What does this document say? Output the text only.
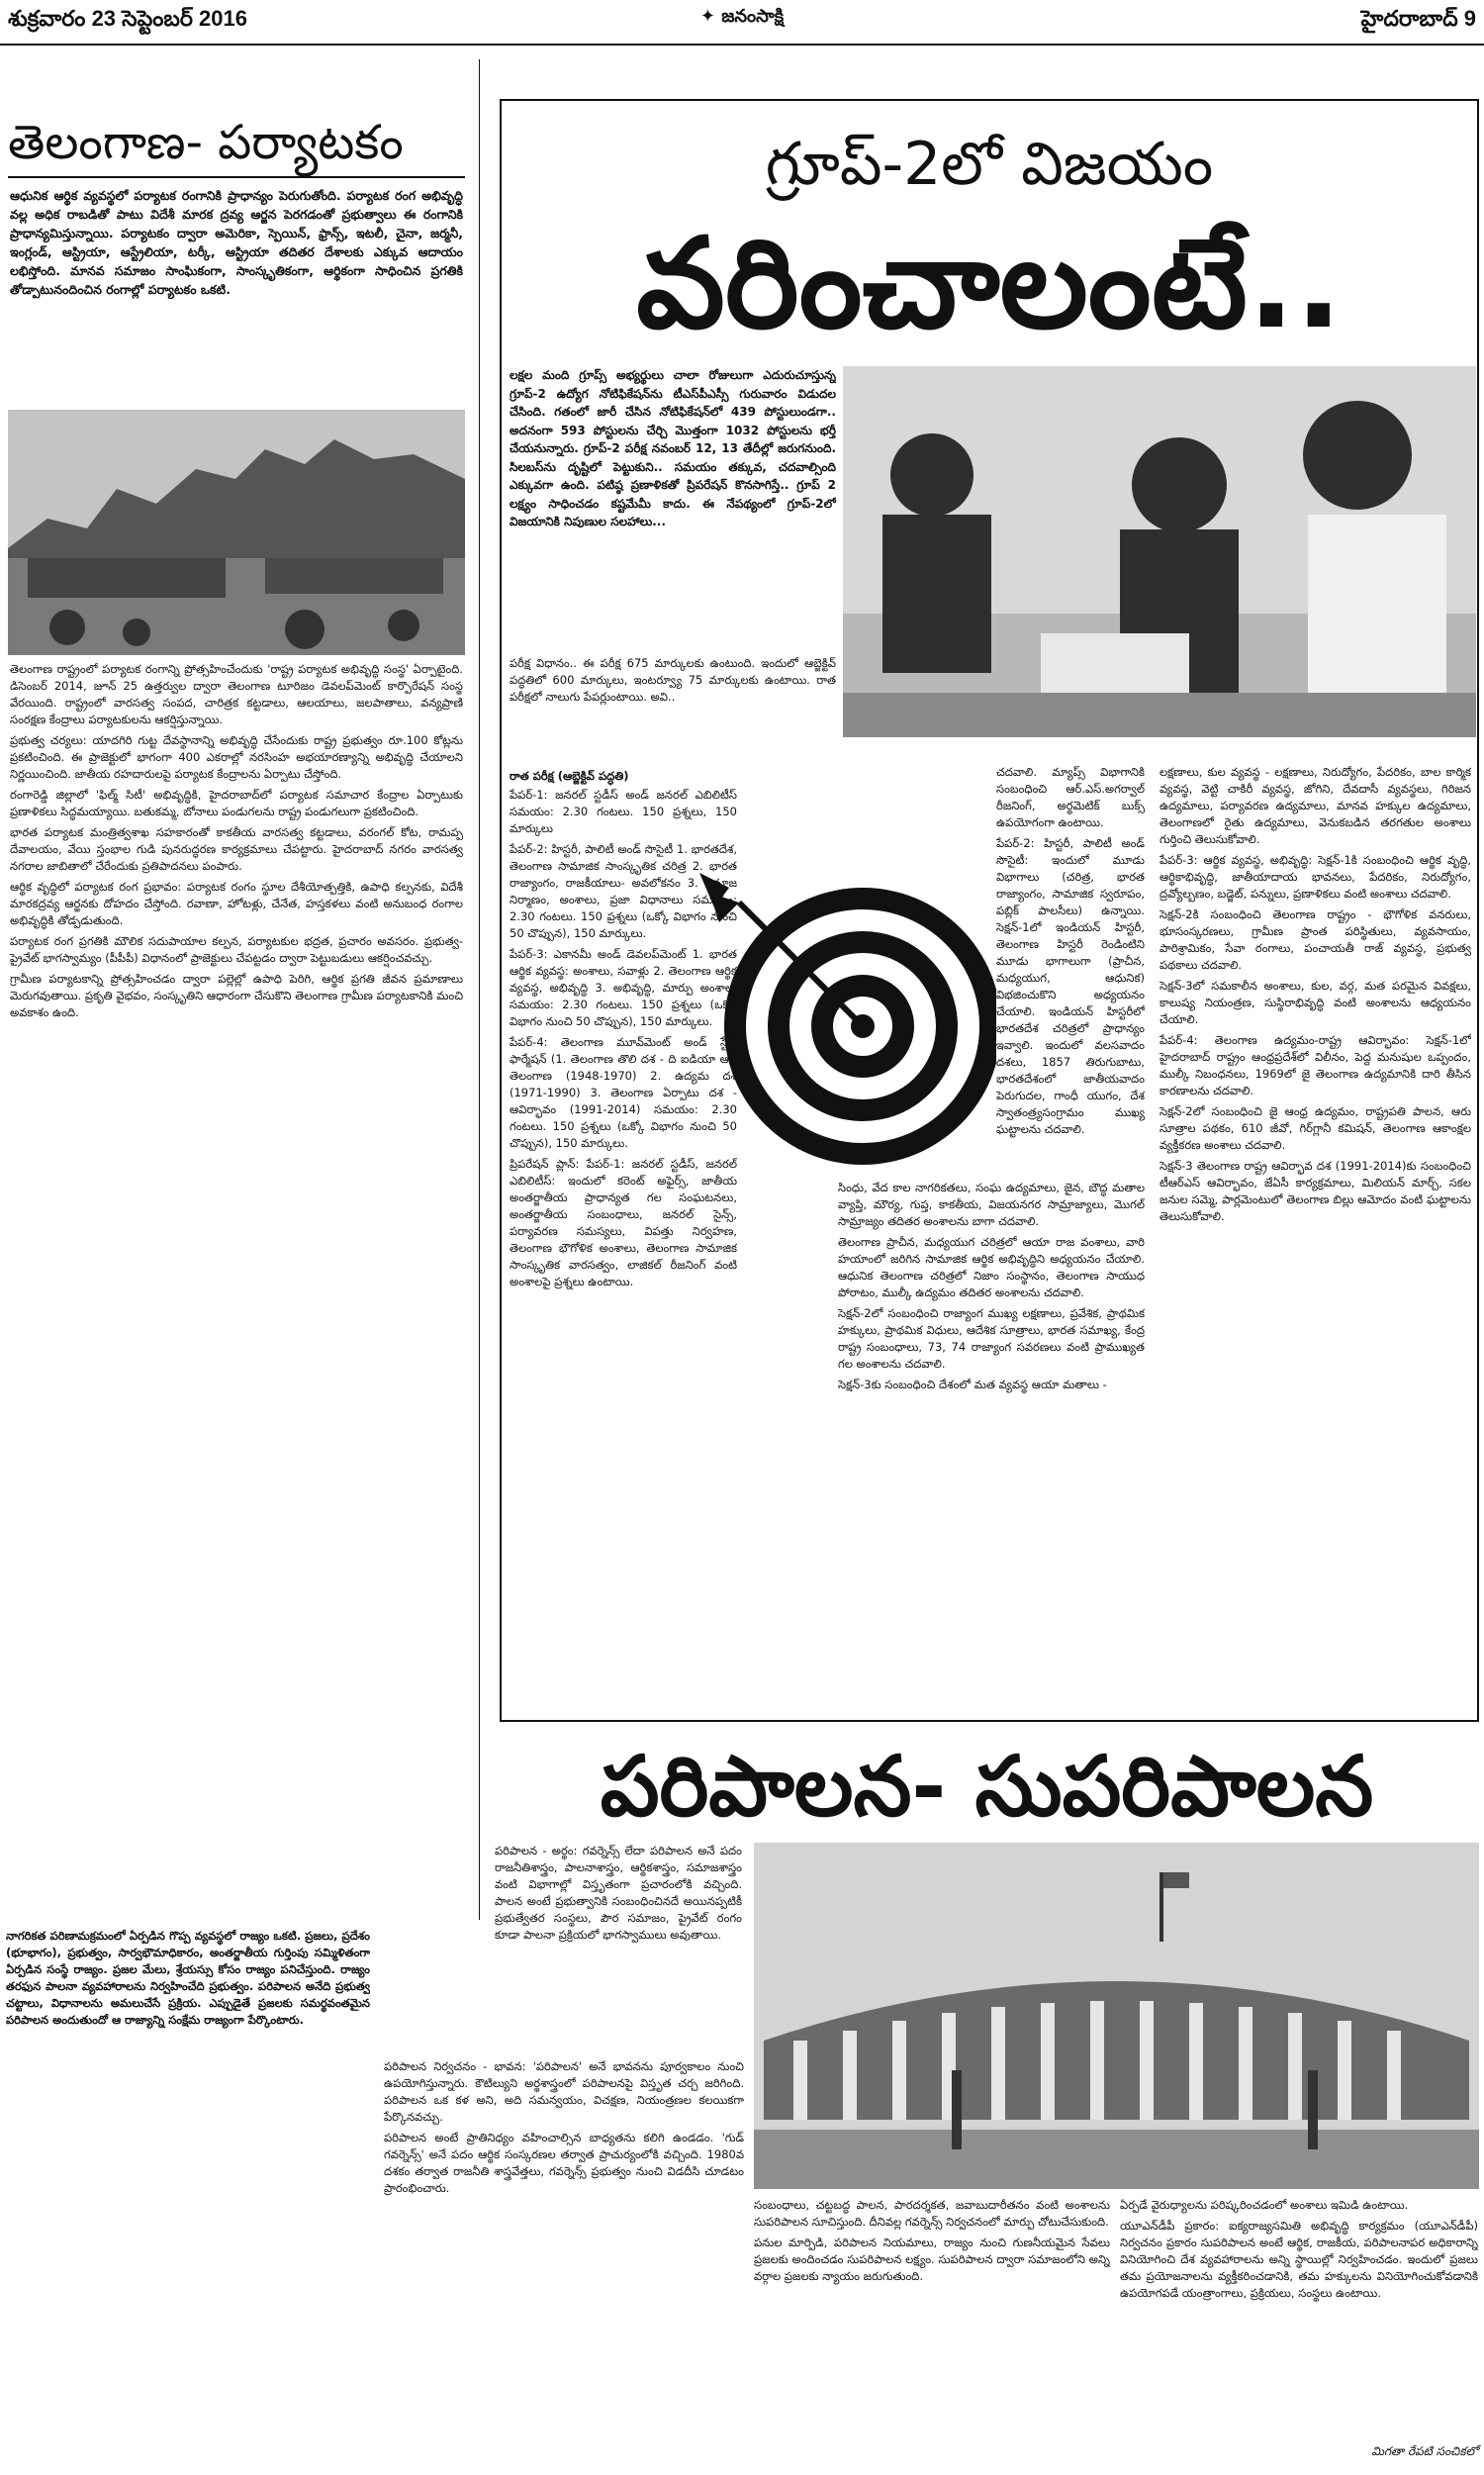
శుక్రవారం 23 సెప్టెంబర్ 2016	✦ జనంసాక్షి	హైదరాబాద్ 9
తెలంగాణ- పర్యాటకం
ఆధునిక ఆర్థిక వ్యవస్థలో పర్యాటక రంగానికి ప్రాధాన్యం పెరుగుతోంది. పర్యాటక రంగ అభివృద్ధి వల్ల అధిక రాబడితో పాటు విదేశీ మారక ద్రవ్య ఆర్జన పెరగడంతో ప్రభుత్వాలు ఈ రంగానికి ప్రాధాన్యమిస్తున్నాయి. పర్యాటకం ద్వారా అమెరికా, స్పెయిన్, ఫ్రాన్స్, ఇటలీ, చైనా, జర్మనీ, ఇంగ్లండ్, ఆస్ట్రియా, ఆస్ట్రేలియా, టర్కీ, ఆస్ట్రియా తదితర దేశాలకు ఎక్కువ ఆదాయం లభిస్తోంది. మానవ సమాజం సాంఘికంగా, సాంస్కృతికంగా, ఆర్థికంగా సాధించిన ప్రగతికి తోడ్పాటునందించిన రంగాల్లో పర్యాటకం ఒకటి.

తెలంగాణ రాష్ట్రంలో పర్యాటక రంగాన్ని ప్రోత్సహించేందుకు 'రాష్ట్ర పర్యాటక అభివృద్ధి సంస్థ' ఏర్పాటైంది. డిసెంబర్ 2014, జూన్ 25 ఉత్తర్వుల ద్వారా తెలంగాణ టూరిజం డెవలప్‌మెంట్ కార్పొరేషన్ సంస్థ వేరయింది. రాష్ట్రంలో వారసత్వ సంపద, చారిత్రక కట్టడాలు, ఆలయాలు, జలపాతాలు, వన్యప్రాణి సంరక్షణ కేంద్రాలు పర్యాటకులను ఆకర్షిస్తున్నాయి.

ప్రభుత్వ చర్యలు: యాదగిరి గుట్ట దేవస్థానాన్ని అభివృద్ధి చేసేందుకు రాష్ట్ర ప్రభుత్వం రూ.100 కోట్లను ప్రకటించింది. ఈ ప్రాజెక్టులో భాగంగా 400 ఎకరాల్లో నరసింహ అభయారణ్యాన్ని అభివృద్ధి చేయాలని నిర్ణయించింది. జాతీయ రహదారులపై పర్యాటక కేంద్రాలను ఏర్పాటు చేస్తోంది.

రంగారెడ్డి జిల్లాలో 'ఫిల్మ్ సిటీ' అభివృద్ధికి, హైదరాబాద్‌లో పర్యాటక సమాచార కేంద్రాల ఏర్పాటుకు ప్రణాళికలు సిద్ధమయ్యాయి. బతుకమ్మ, బోనాలు పండుగలను రాష్ట్ర పండుగలుగా ప్రకటించింది.

భారత పర్యాటక మంత్రిత్వశాఖ సహకారంతో కాకతీయ వారసత్వ కట్టడాలు, వరంగల్ కోట, రామప్ప దేవాలయం, వేయి స్తంభాల గుడి పునరుద్ధరణ కార్యక్రమాలు చేపట్టారు. హైదరాబాద్ నగరం వారసత్వ నగరాల జాబితాలో చేరేందుకు ప్రతిపాదనలు పంపారు.

ఆర్థిక వృద్ధిలో పర్యాటక రంగ ప్రభావం: పర్యాటక రంగం స్థూల దేశీయోత్పత్తికి, ఉపాధి కల్పనకు, విదేశీ మారకద్రవ్య ఆర్జనకు దోహదం చేస్తోంది. రవాణా, హోటళ్లు, చేనేత, హస్తకళలు వంటి అనుబంధ రంగాల అభివృద్ధికి తోడ్పడుతుంది.

పర్యాటక రంగ ప్రగతికి మౌలిక సదుపాయాల కల్పన, పర్యాటకుల భద్రత, ప్రచారం అవసరం. ప్రభుత్వ-ప్రైవేట్ భాగస్వామ్యం (పీపీపీ) విధానంలో ప్రాజెక్టులు చేపట్టడం ద్వారా పెట్టుబడులు ఆకర్షించవచ్చు.

గ్రామీణ పర్యాటకాన్ని ప్రోత్సహించడం ద్వారా పల్లెల్లో ఉపాధి పెరిగి, ఆర్థిక ప్రగతి జీవన ప్రమాణాలు మెరుగవుతాయి. ప్రకృతి వైభవం, సంస్కృతిని ఆధారంగా చేసుకొని తెలంగాణ గ్రామీణ పర్యాటకానికి మంచి అవకాశం ఉంది.

గ్రూప్-2లో విజయం
వరించాలంటే..
లక్షల మంది గ్రూప్స్ అభ్యర్థులు చాలా రోజులుగా ఎదురుచూస్తున్న గ్రూప్-2 ఉద్యోగ నోటిఫికేషన్‌ను టీఎస్‌పీఎస్సీ గురువారం విడుదల చేసింది. గతంలో జారీ చేసిన నోటిఫికేషన్‌లో 439 పోస్టులుండగా.. అదనంగా 593 పోస్టులను చేర్చి మొత్తంగా 1032 పోస్టులను భర్తీ చేయనున్నారు. గ్రూప్-2 పరీక్ష నవంబర్ 12, 13 తేదీల్లో జరుగనుంది. సిలబస్‌ను దృష్టిలో పెట్టుకుని.. సమయం తక్కువ, చదవాల్సింది ఎక్కువగా ఉంది. పటిష్ఠ ప్రణాళికతో ప్రిపరేషన్ కొనసాగిస్తే.. గ్రూప్ 2 లక్ష్యం సాధించడం కష్టమేమీ కాదు. ఈ నేపథ్యంలో గ్రూప్-2లో విజయానికి నిపుణుల సలహాలు...
పరీక్ష విధానం.. ఈ పరీక్ష 675 మార్కులకు ఉంటుంది. ఇందులో ఆబ్జెక్టివ్ పద్ధతిలో 600 మార్కులు, ఇంటర్వ్యూ 75 మార్కులకు ఉంటాయి. రాత పరీక్షలో నాలుగు పేపర్లుంటాయి. అవి..

రాత పరీక్ష (ఆబ్జెక్టివ్ పద్ధతి)

పేపర్-1: జనరల్ స్టడీస్ అండ్ జనరల్ ఎబిలిటీస్ సమయం: 2.30 గంటలు. 150 ప్రశ్నలు, 150 మార్కులు

పేపర్-2: హిస్టరీ, పాలిటీ అండ్ సొసైటీ 1. భారతదేశ, తెలంగాణ సామాజిక సాంస్కృతిక చరిత్ర 2. భారత రాజ్యాంగం, రాజకీయాలు- అవలోకనం 3. సమాజ నిర్మాణం, అంశాలు, ప్రజా విధానాలు సమయం: 2.30 గంటలు. 150 ప్రశ్నలు (ఒక్కో విభాగం నుంచి 50 చొప్పున), 150 మార్కులు.

పేపర్-3: ఎకానమీ అండ్ డెవలప్‌మెంట్ 1. భారత ఆర్థిక వ్యవస్థ: అంశాలు, సవాళ్లు 2. తెలంగాణ ఆర్థిక వ్యవస్థ, అభివృద్ధి 3. అభివృద్ధి, మార్పు అంశాలు సమయం: 2.30 గంటలు. 150 ప్రశ్నలు (ఒక్కో విభాగం నుంచి 50 చొప్పున), 150 మార్కులు.

పేపర్-4: తెలంగాణ మూవ్‌మెంట్ అండ్ స్టేట్ ఫార్మేషన్ (1. తెలంగాణ తొలి దశ - ది ఐడియా ఆఫ్ తెలంగాణ (1948-1970) 2. ఉద్యమ దశ (1971-1990) 3. తెలంగాణ ఏర్పాటు దశ - ఆవిర్భావం (1991-2014) సమయం: 2.30 గంటలు. 150 ప్రశ్నలు (ఒక్కో విభాగం నుంచి 50 చొప్పున), 150 మార్కులు.

ప్రిపరేషన్ ప్లాన్: పేపర్-1: జనరల్ స్టడీస్, జనరల్ ఎబిలిటీస్: ఇందులో కరెంట్ అఫైర్స్, జాతీయ అంతర్జాతీయ ప్రాధాన్యత గల సంఘటనలు, అంతర్జాతీయ సంబంధాలు, జనరల్ సైన్స్, పర్యావరణ సమస్యలు, విపత్తు నిర్వహణ, తెలంగాణ భౌగోళిక అంశాలు, తెలంగాణ సామాజిక సాంస్కృతిక వారసత్వం, లాజికల్ రీజనింగ్ వంటి అంశాలపై ప్రశ్నలు ఉంటాయి.

సింధు, వేద కాల నాగరికతలు, సంఘ ఉద్యమాలు, జైన, బౌద్ధ మతాల వ్యాప్తి, మౌర్య, గుప్త, కాకతీయ, విజయనగర సామ్రాజ్యాలు, మొగల్ సామ్రాజ్యం తదితర అంశాలను బాగా చదవాలి.

తెలంగాణ ప్రాచీన, మధ్యయుగ చరిత్రలో ఆయా రాజ వంశాలు, వారి హయాంలో జరిగిన సామాజిక ఆర్థిక అభివృద్ధిని అధ్యయనం చేయాలి. ఆధునిక తెలంగాణ చరిత్రలో నిజాం సంస్థానం, తెలంగాణ సాయుధ పోరాటం, ముల్కీ ఉద్యమం తదితర అంశాలను చదవాలి.

సెక్షన్-2లో సంబంధించి రాజ్యాంగ ముఖ్య లక్షణాలు, ప్రవేశిక, ప్రాథమిక హక్కులు, ప్రాథమిక విధులు, ఆదేశిక సూత్రాలు, భారత సమాఖ్య, కేంద్ర రాష్ట్ర సంబంధాలు, 73, 74 రాజ్యాంగ సవరణలు వంటి ప్రాముఖ్యత గల అంశాలను చదవాలి.

సెక్షన్-3కు సంబంధించి దేశంలో మత వ్యవస్థ ఆయా మతాలు -

చదవాలి. మ్యాప్స్ విభాగానికి సంబంధించి ఆర్.ఎస్.అగర్వాల్ రీజనింగ్, అర్థమెటిక్ బుక్స్ ఉపయోగంగా ఉంటాయి.

పేపర్-2: హిస్టరీ, పాలిటీ అండ్ సొసైటీ: ఇందులో మూడు విభాగాలు (చరిత్ర, భారత రాజ్యాంగం, సామాజిక స్వరూపం, పబ్లిక్ పాలసీలు) ఉన్నాయి. సెక్షన్-1లో ఇండియన్ హిస్టరీ, తెలంగాణ హిస్టరీ రెండింటిని మూడు భాగాలుగా (ప్రాచీన, మధ్యయుగ, ఆధునిక) విభజించుకొని అధ్యయనం చేయాలి. ఇండియన్ హిస్టరీలో భారతదేశ చరిత్రలో ప్రాధాన్యం ఇవ్వాలి. ఇందులో వలసవాదం దశలు, 1857 తిరుగుబాటు, భారతదేశంలో జాతీయవాదం పెరుగుదల, గాంధీ యుగం, దేశ స్వాతంత్ర్యసంగ్రామం ముఖ్య ఘట్టాలను చదవాలి.

లక్షణాలు, కుల వ్యవస్థ - లక్షణాలు, నిరుద్యోగం, పేదరికం, బాల కార్మిక వ్యవస్థ, వెట్టి చాకిరీ వ్యవస్థ, జోగిని, దేవదాసీ వ్యవస్థలు, గిరిజన ఉద్యమాలు, పర్యావరణ ఉద్యమాలు, మానవ హక్కుల ఉద్యమాలు, తెలంగాణలో రైతు ఉద్యమాలు, వెనుకబడిన తరగతుల అంశాలు గుర్తించి తెలుసుకోవాలి.

పేపర్-3: ఆర్థిక వ్యవస్థ, అభివృద్ధి: సెక్షన్-1కి సంబంధించి ఆర్థిక వృద్ధి, ఆర్థికాభివృద్ధి, జాతీయాదాయ భావనలు, పేదరికం, నిరుద్యోగం, ద్రవ్యోల్బణం, బడ్జెట్, పన్నులు, ప్రణాళికలు వంటి అంశాలు చదవాలి.

సెక్షన్-2కి సంబంధించి తెలంగాణ రాష్ట్రం - భౌగోళిక వనరులు, భూసంస్కరణలు, గ్రామీణ ప్రాంత పరిస్థితులు, వ్యవసాయం, పారిశ్రామికం, సేవా రంగాలు, పంచాయతీ రాజ్ వ్యవస్థ, ప్రభుత్వ పథకాలు చదవాలి.

సెక్షన్-3లో సమకాలీన అంశాలు, కుల, వర్గ, మత పరమైన వివక్షలు, కాలుష్య నియంత్రణ, సుస్థిరాభివృద్ధి వంటి అంశాలను ఆధ్యయనం చేయాలి.

పేపర్-4: తెలంగాణ ఉద్యమం-రాష్ట్ర ఆవిర్భావం: సెక్షన్-1లో హైదరాబాద్ రాష్ట్రం ఆంధ్రప్రదేశ్‌లో విలీనం, పెద్ద మనుషుల ఒప్పందం, ముల్కీ నిబంధనలు, 1969లో జై తెలంగాణ ఉద్యమానికి దారి తీసిన కారణాలను చదవాలి.

సెక్షన్-2లో సంబంధించి జై ఆంధ్ర ఉద్యమం, రాష్ట్రపతి పాలన, ఆరు సూత్రాల పథకం, 610 జీవో, గిర్‌గ్లానీ కమిషన్, తెలంగాణ ఆకాంక్షల వ్యక్తీకరణ అంశాలు చదవాలి.

సెక్షన్-3 తెలంగాణ రాష్ట్ర ఆవిర్భావ దశ (1991-2014)కు సంబంధించి టీఆర్‌ఎస్ ఆవిర్భావం, జేఏసీ కార్యక్రమాలు, మిలియన్ మార్చ్, సకల జనుల సమ్మె, పార్లమెంటులో తెలంగాణ బిల్లు ఆమోదం వంటి ఘట్టాలను తెలుసుకోవాలి.

పరిపాలన- సుపరిపాలన

పరిపాలన - అర్థం: గవర్నెన్స్ లేదా పరిపాలన అనే పదం రాజనీతిశాస్త్రం, పాలనాశాస్త్రం, ఆర్థికశాస్త్రం, సమాజశాస్త్రం వంటి విభాగాల్లో విస్తృతంగా ప్రచారంలోకి వచ్చింది. పాలన అంటే ప్రభుత్వానికి సంబంధించినదే అయినప్పటికీ ప్రభుత్వేతర సంస్థలు, పౌర సమాజం, ప్రైవేట్ రంగం కూడా పాలనా ప్రక్రియలో భాగస్వాములు అవుతాయి.

నాగరికత పరిణామక్రమంలో ఏర్పడిన గొప్ప వ్యవస్థలో రాజ్యం ఒకటి. ప్రజలు, ప్రదేశం (భూభాగం), ప్రభుత్వం, సార్వభౌమాధికారం, అంతర్జాతీయ గుర్తింపు సమ్మిళితంగా ఏర్పడిన సంస్థే రాజ్యం. ప్రజల మేలు, శ్రేయస్సు కోసం రాజ్యం పనిచేస్తుంది. రాజ్యం తరఫున పాలనా వ్యవహారాలను నిర్వహించేది ప్రభుత్వం. పరిపాలన అనేది ప్రభుత్వ చట్టాలు, విధానాలను అమలుచేసే ప్రక్రియ. ఎప్పుడైతే ప్రజలకు సమర్థవంతమైన పరిపాలన అందుతుందో ఆ రాజ్యాన్ని సంక్షేమ రాజ్యంగా పేర్కొంటారు.

పరిపాలన నిర్వచనం - భావన: 'పరిపాలన' అనే భావనను పూర్వకాలం నుంచి ఉపయోగిస్తున్నారు. కౌటిల్యుని అర్థశాస్త్రంలో పరిపాలనపై విస్తృత చర్చ జరిగింది. పరిపాలన ఒక కళ అని, అది సమన్వయం, విచక్షణ, నియంత్రణల కలయికగా పేర్కొనవచ్చు.

పరిపాలన అంటే ప్రాతినిధ్యం వహించాల్సిన బాధ్యతను కలిగి ఉండడం. 'గుడ్ గవర్నెన్స్' అనే పదం ఆర్థిక సంస్కరణల తర్వాత ప్రాచుర్యంలోకి వచ్చింది. 1980వ దశకం తర్వాత రాజనీతి శాస్త్రవేత్తలు, గవర్నెన్స్ ప్రభుత్వం నుంచి విడదీసి చూడటం ప్రారంభించారు.

సంబంధాలు, చట్టబద్ధ పాలన, పారదర్శకత, జవాబుదారీతనం వంటి అంశాలను సుపరిపాలన సూచిస్తుంది. దీనివల్ల గవర్నెన్స్ నిర్వచనంలో మార్పు చోటుచేసుకుంది.

పనుల మార్పిడి, పరిపాలన నియమాలు, రాజ్యం నుంచి గుణనీయమైన సేవలు ప్రజలకు అందించడం సుపరిపాలన లక్ష్యం. సుపరిపాలన ద్వారా సమాజంలోని అన్ని వర్గాల ప్రజలకు న్యాయం జరుగుతుంది.

ఏర్పడే వైరుధ్యాలను పరిష్కరించడంలో అంశాలు ఇమిడి ఉంటాయి.

యూఎన్‌డీపీ ప్రకారం: ఐక్యరాజ్యసమితి అభివృద్ధి కార్యక్రమం (యూఎన్‌డీపీ) నిర్వచనం ప్రకారం సుపరిపాలన అంటే ఆర్థిక, రాజకీయ, పరిపాలనాపర అధికారాన్ని వినియోగించి దేశ వ్యవహారాలను అన్ని స్థాయిల్లో నిర్వహించడం. ఇందులో ప్రజలు తమ ప్రయోజనాలను వ్యక్తీకరించడానికి, తమ హక్కులను వినియోగించుకోవడానికి ఉపయోగపడే యంత్రాంగాలు, ప్రక్రియలు, సంస్థలు ఉంటాయి.

మిగతా రేపటి సంచికలో
